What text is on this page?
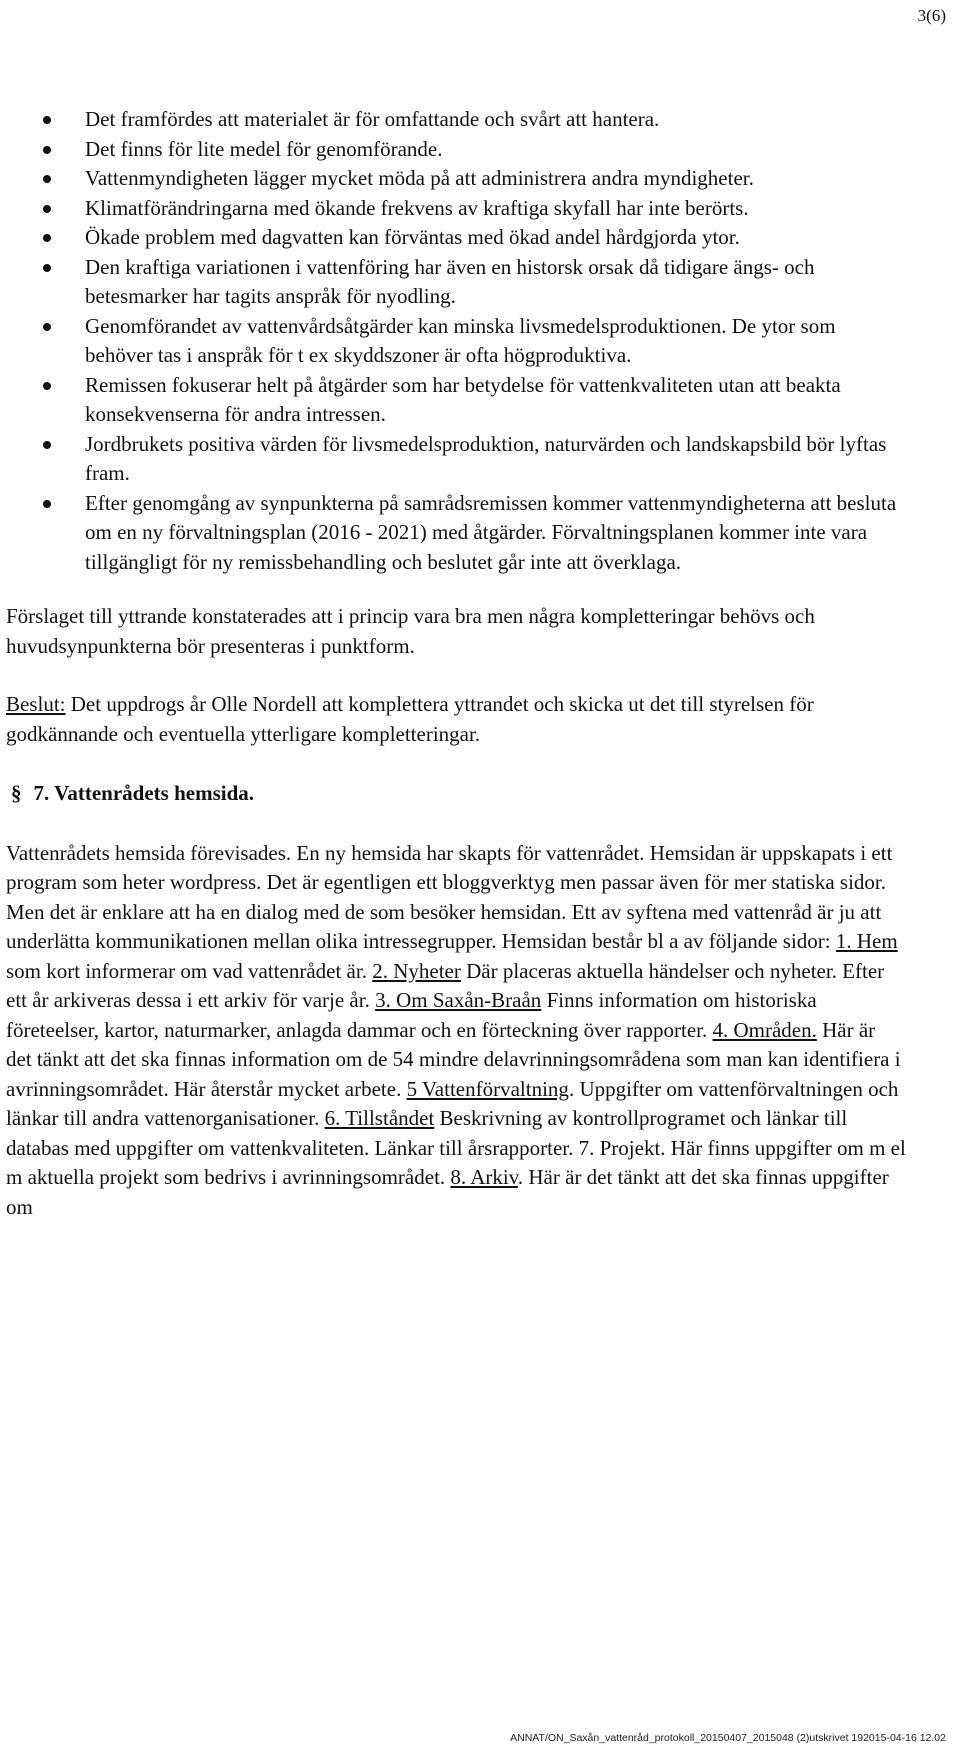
3(6)
Det framfördes att materialet är för omfattande och svårt att hantera.
Det finns för lite medel för genomförande.
Vattenmyndigheten lägger mycket möda på att administrera andra myndigheter.
Klimatförändringarna med ökande frekvens av kraftiga skyfall har inte berörts.
Ökade problem med dagvatten kan förväntas med ökad andel hårdgjorda ytor.
Den kraftiga variationen i vattenföring har även en historsk orsak då tidigare ängs- och betesmarker har tagits anspråk för nyodling.
Genomförandet av vattenvårdsåtgärder kan minska livsmedelsproduktionen. De ytor som behöver tas i anspråk för t ex skyddszoner är ofta högproduktiva.
Remissen fokuserar helt på åtgärder som har betydelse för vattenkvaliteten utan att beakta konsekvenserna för andra intressen.
Jordbrukets positiva värden för livsmedelsproduktion, naturvärden och landskapsbild bör lyftas fram.
Efter genomgång av synpunkterna på samrådsremissen kommer vattenmyndigheterna att besluta om en ny förvaltningsplan (2016 - 2021) med åtgärder. Förvaltningsplanen kommer inte vara tillgängligt för ny remissbehandling och beslutet går inte att överklaga.

Förslaget till yttrande konstaterades att i princip vara bra men några kompletteringar behövs och huvudsynpunkterna bör presenteras i punktform.

Beslut: Det uppdrogs år Olle Nordell att komplettera yttrandet och skicka ut det till styrelsen för godkännande och eventuella ytterligare kompletteringar.

§ 7. Vattenrådets hemsida.

Vattenrådets hemsida förevisades. En ny hemsida har skapts för vattenrådet. Hemsidan är uppskapats i ett program som heter wordpress. Det är egentligen ett bloggverktyg men passar även för mer statiska sidor. Men det är enklare att ha en dialog med de som besöker hemsidan. Ett av syftena med vattenråd är ju att underlätta kommunikationen mellan olika intressegrupper. Hemsidan består bl a av följande sidor: 1. Hem som kort informerar om vad vattenrådet är. 2. Nyheter Där placeras aktuella händelser och nyheter. Efter ett år arkiveras dessa i ett arkiv för varje år. 3. Om Saxån-Braån Finns information om historiska företeelser, kartor, naturmarker, anlagda dammar och en förteckning över rapporter. 4. Områden. Här är det tänkt att det ska finnas information om de 54 mindre delavrinningsområdena som man kan identifiera i avrinningsområdet. Här återstår mycket arbete. 5 Vattenförvaltning. Uppgifter om vattenförvaltningen och länkar till andra vattenorganisationer. 6. Tillståndet Beskrivning av kontrollprogramet och länkar till databas med uppgifter om vattenkvaliteten. Länkar till årsrapporter. 7. Projekt. Här finns uppgifter om m el m aktuella projekt som bedrivs i avrinningsområdet. 8. Arkiv. Här är det tänkt att det ska finnas uppgifter om

ANNAT/ON_Saxån_vattenråd_protokoll_20150407_2015048 (2)utskrivet 192015-04-16 12.02
